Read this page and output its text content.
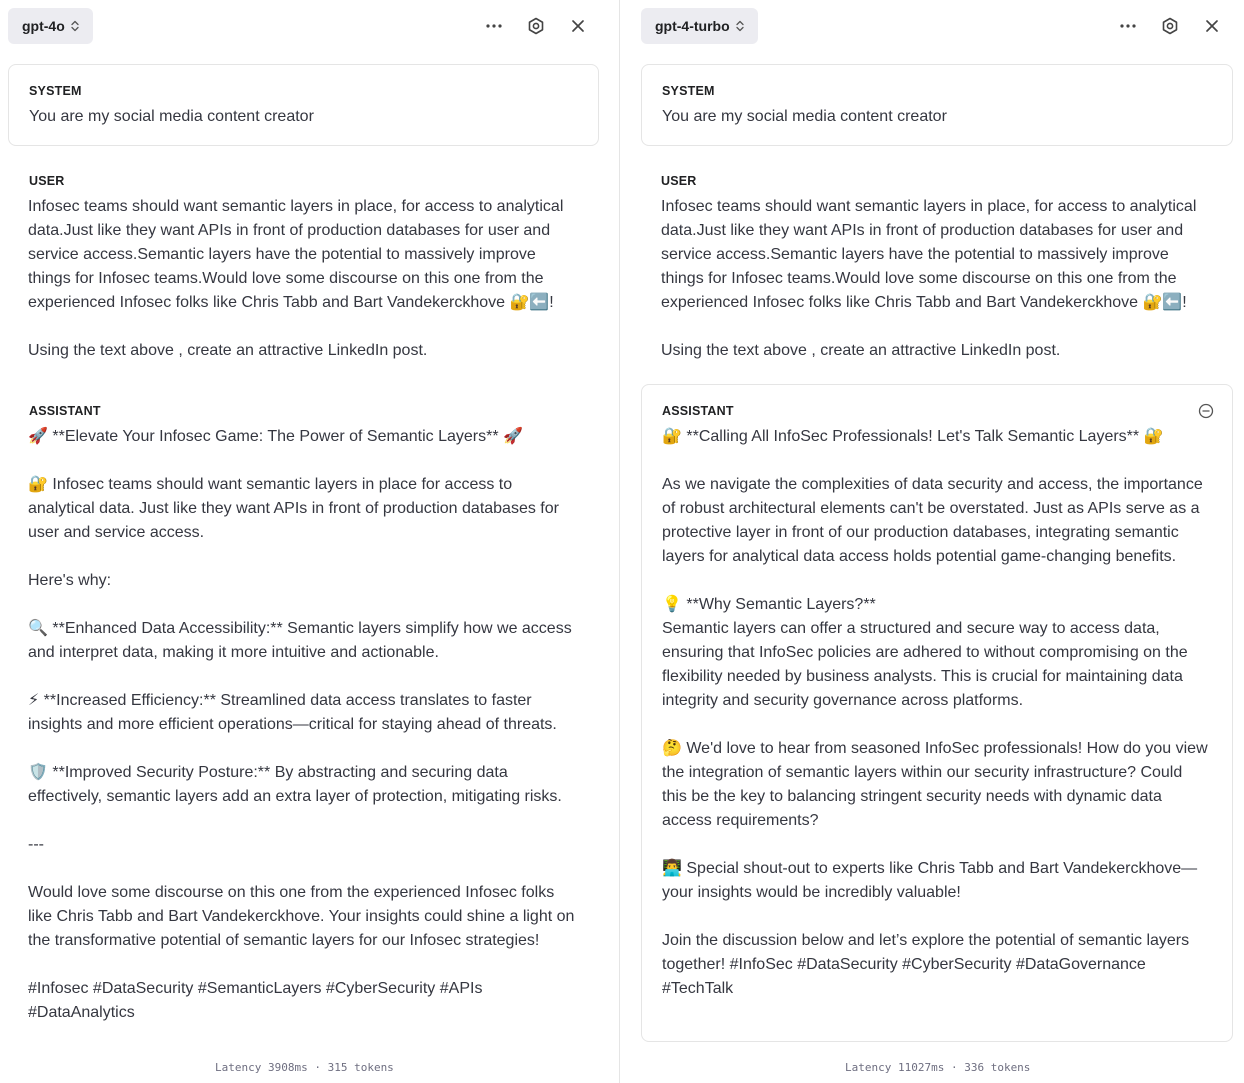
gpt-4o
SYSTEM
You are my social media content creator
USER
Infosec teams should want semantic layers in place, for access to analytical data.Just like they want APIs in front of production databases for user and service access.Semantic layers have the potential to massively improve things for Infosec teams.Would love some discourse on this one from the experienced Infosec folks like Chris Tabb and Bart Vandekerckhove 🔐⬅️!

Using the text above , create an attractive LinkedIn post.
ASSISTANT
🚀 **Elevate Your Infosec Game: The Power of Semantic Layers** 🚀

🔐 Infosec teams should want semantic layers in place for access to analytical data. Just like they want APIs in front of production databases for user and service access.

Here's why:

🔍 **Enhanced Data Accessibility:** Semantic layers simplify how we access and interpret data, making it more intuitive and actionable.

⚡ **Increased Efficiency:** Streamlined data access translates to faster insights and more efficient operations—critical for staying ahead of threats.

🛡️ **Improved Security Posture:** By abstracting and securing data effectively, semantic layers add an extra layer of protection, mitigating risks.

---

Would love some discourse on this one from the experienced Infosec folks like Chris Tabb and Bart Vandekerckhove. Your insights could shine a light on the transformative potential of semantic layers for our Infosec strategies!

#Infosec #DataSecurity #SemanticLayers #CyberSecurity #APIs #DataAnalytics
Latency 3908ms · 315 tokens
gpt-4-turbo
SYSTEM
You are my social media content creator
USER
Infosec teams should want semantic layers in place, for access to analytical data.Just like they want APIs in front of production databases for user and service access.Semantic layers have the potential to massively improve things for Infosec teams.Would love some discourse on this one from the experienced Infosec folks like Chris Tabb and Bart Vandekerckhove 🔐⬅️!

Using the text above , create an attractive LinkedIn post.
ASSISTANT
🔐 **Calling All InfoSec Professionals! Let's Talk Semantic Layers** 🔐

As we navigate the complexities of data security and access, the importance of robust architectural elements can't be overstated. Just as APIs serve as a protective layer in front of our production databases, integrating semantic layers for analytical data access holds potential game-changing benefits.

💡 **Why Semantic Layers?**
Semantic layers can offer a structured and secure way to access data, ensuring that InfoSec policies are adhered to without compromising on the flexibility needed by business analysts. This is crucial for maintaining data integrity and security governance across platforms.

🤔 We'd love to hear from seasoned InfoSec professionals! How do you view the integration of semantic layers within our security infrastructure? Could this be the key to balancing stringent security needs with dynamic data access requirements?

👨‍💻 Special shout-out to experts like Chris Tabb and Bart Vandekerckhove—your insights would be incredibly valuable!

Join the discussion below and let’s explore the potential of semantic layers together! #InfoSec #DataSecurity #CyberSecurity #DataGovernance #TechTalk
Latency 11027ms · 336 tokens
